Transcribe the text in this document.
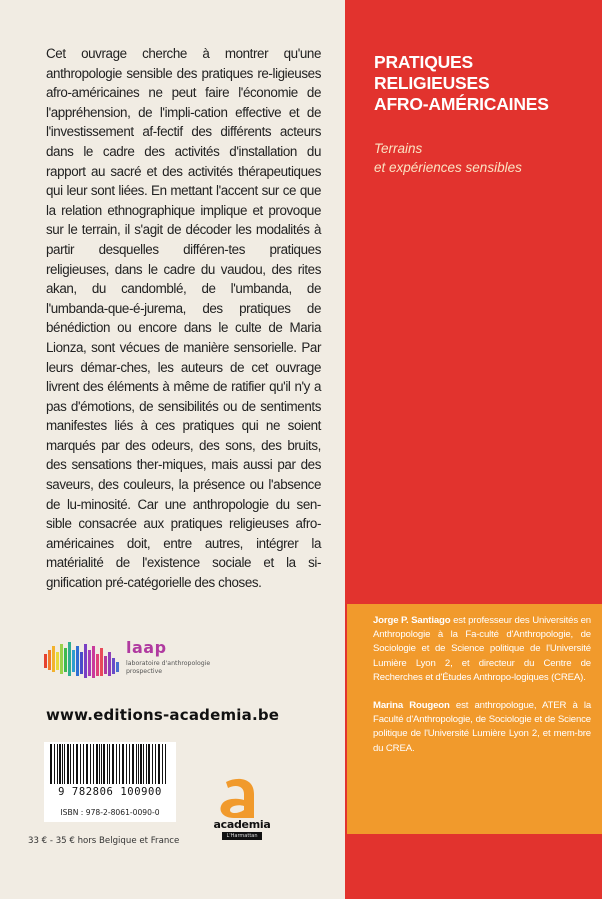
Cet ouvrage cherche à montrer qu'une anthropologie sensible des pratiques re-ligieuses afro-américaines ne peut faire l'économie de l'appréhension, de l'impli-cation effective et de l'investissement af-fectif des différents acteurs dans le cadre des activités d'installation du rapport au sacré et des activités thérapeutiques qui leur sont liées. En mettant l'accent sur ce que la relation ethnographique implique et provoque sur le terrain, il s'agit de décoder les modalités à partir desquelles différen-tes pratiques religieuses, dans le cadre du vaudou, des rites akan, du candomblé, de l'umbanda, de l'umbanda-que-é-jurema, des pratiques de bénédiction ou encore dans le culte de Maria Lionza, sont vécues de manière sensorielle. Par leurs démar-ches, les auteurs de cet ouvrage livrent des éléments à même de ratifier qu'il n'y a pas d'émotions, de sensibilités ou de sentiments manifestes liés à ces pratiques qui ne soient marqués par des odeurs, des sons, des bruits, des sensations ther-miques, mais aussi par des saveurs, des couleurs, la présence ou l'absence de lu-minosité. Car une anthropologie du sen-sible consacrée aux pratiques religieuses afro-américaines doit, entre autres, intégrer la matérialité de l'existence sociale et la si-gnification pré-catégorielle des choses.
laap
laboratoire d'anthropologie prospective
www.editions-academia.be
9 782806 100900
ISBN : 978-2-8061-0090-0
33 € - 35 € hors Belgique et France
academia
L'Harmattan
PRATIQUES
RELIGIEUSES
AFRO-AMÉRICAINES
Terrains
et expériences sensibles

Jorge P. Santiago est professeur des Universités en Anthropologie à la Fa-culté d'Anthropologie, de Sociologie et de Science politique de l'Université Lumière Lyon 2, et directeur du Centre de Recherches et d'Études Anthropo-logiques (CREA).

Marina Rougeon est anthropologue, ATER à la Faculté d'Anthropologie, de Sociologie et de Science politique de l'Université Lumière Lyon 2, et mem-bre du CREA.
